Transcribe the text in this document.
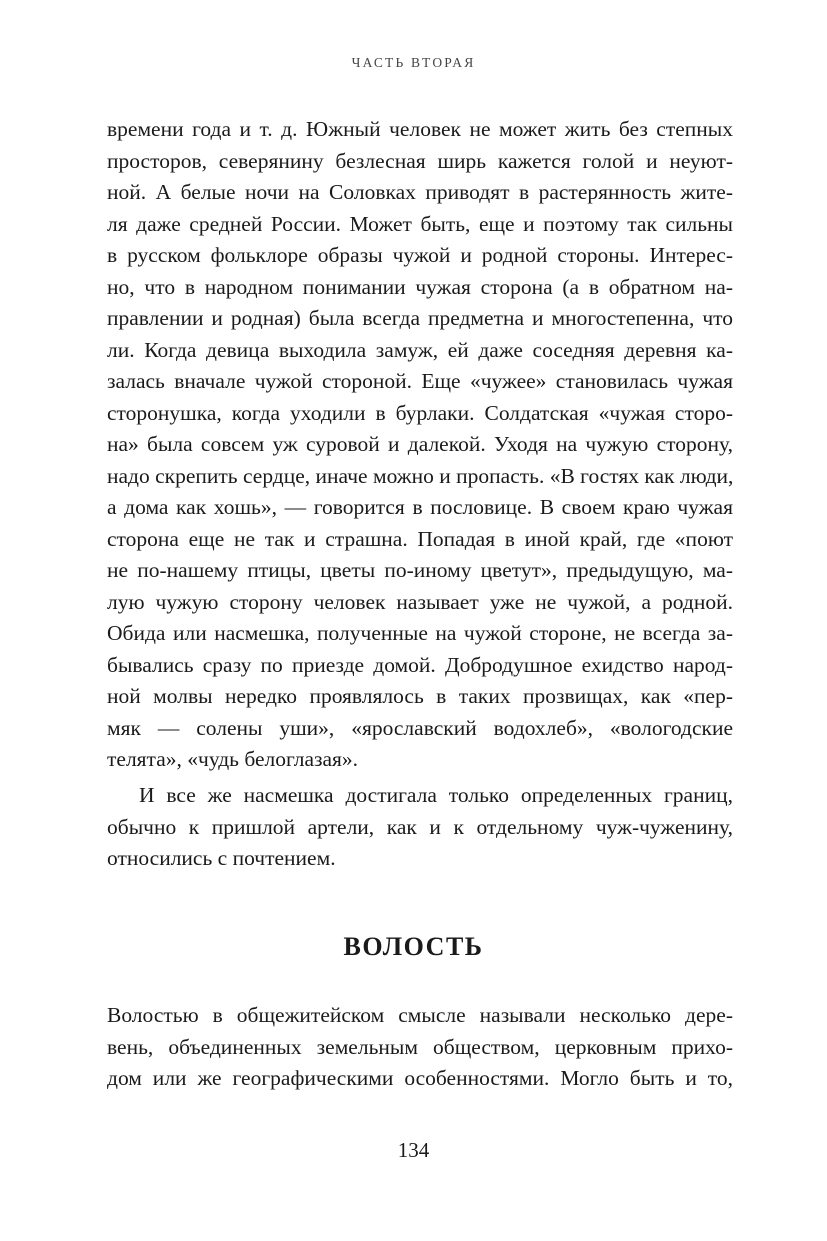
ЧАСТЬ ВТОРАЯ
времени года и т. д. Южный человек не может жить без степных
просторов, северянину безлесная ширь кажется голой и неуют-
ной. А белые ночи на Соловках приводят в растерянность жите-
ля даже средней России. Может быть, еще и поэтому так сильны
в русском фольклоре образы чужой и родной стороны. Интерес-
но, что в народном понимании чужая сторона (а в обратном на-
правлении и родная) была всегда предметна и многостепенна, что
ли. Когда девица выходила замуж, ей даже соседняя деревня ка-
залась вначале чужой стороной. Еще «чужее» становилась чужая
сторонушка, когда уходили в бурлаки. Солдатская «чужая сторо-
на» была совсем уж суровой и далекой. Уходя на чужую сторону,
надо скрепить сердце, иначе можно и пропасть. «В гостях как люди,
а дома как хошь», — говорится в пословице. В своем краю чужая
сторона еще не так и страшна. Попадая в иной край, где «поют
не по-нашему птицы, цветы по-иному цветут», предыдущую, ма-
лую чужую сторону человек называет уже не чужой, а родной.
Обида или насмешка, полученные на чужой стороне, не всегда за-
бывались сразу по приезде домой. Добродушное ехидство народ-
ной молвы нередко проявлялось в таких прозвищах, как «пер-
мяк — солены уши», «ярославский водохлеб», «вологодские
телята», «чудь белоглазая».
И все же насмешка достигала только определенных границ,
обычно к пришлой артели, как и к отдельному чуж-чуженину,
относились с почтением.
ВОЛОСТЬ
Волостью в общежитейском смысле называли несколько дере-
вень, объединенных земельным обществом, церковным прихо-
дом или же географическими особенностями. Могло быть и то,
134
